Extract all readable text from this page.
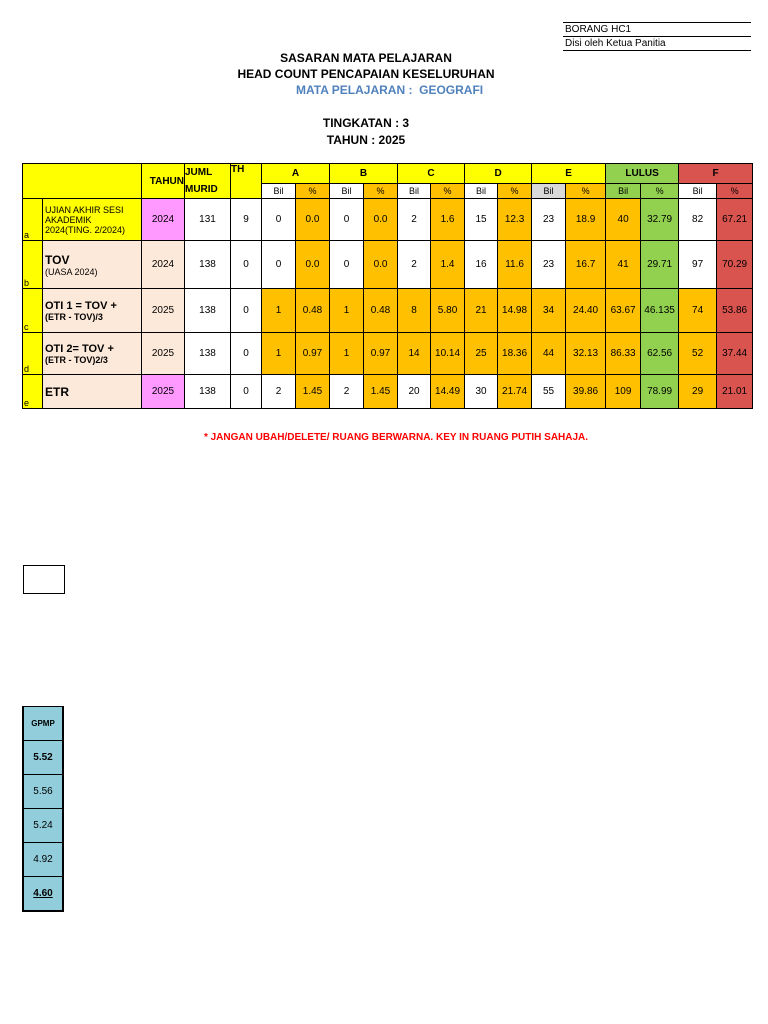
BORANG HC1
Disi oleh Ketua Panitia
SASARAN MATA PELAJARAN
HEAD COUNT PENCAPAIAN KESELURUHAN
MATA PELAJARAN :  GEOGRAFI
TINGKATAN : 3
TAHUN : 2025
		TAHUN	JUML MURID	TH	A		B		C		D		E		LULUS		F	
					Bil	%	Bil	%	Bil	%	Bil	%	Bil	%	Bil	%	Bil	%
a	UJIAN AKHIR SESI AKADEMIK 2024(TING. 2/2024)	2024	131	9	0	0.0	0	0.0	2	1.6	15	12.3	23	18.9	40	32.79	82	67.21
b	TOV
(UASA 2024)	2024	138	0	0	0.0	0	0.0	2	1.4	16	11.6	23	16.7	41	29.71	97	70.29
c	OTI 1 = TOV +
(ETR - TOV)/3	2025	138	0	1	0.48	1	0.48	8	5.80	21	14.98	34	24.40	63.67	46.135	74	53.86
d	OTI 2= TOV +
(ETR - TOV)2/3	2025	138	0	1	0.97	1	0.97	14	10.14	25	18.36	44	32.13	86.33	62.56	52	37.44
e	ETR	2025	138	0	2	1.45	2	1.45	20	14.49	30	21.74	55	39.86	109	78.99	29	21.01
* JANGAN UBAH/DELETE/ RUANG BERWARNA. KEY IN RUANG PUTIH SAHAJA.
GPMP
5.52
5.56
5.24
4.92
4.60
